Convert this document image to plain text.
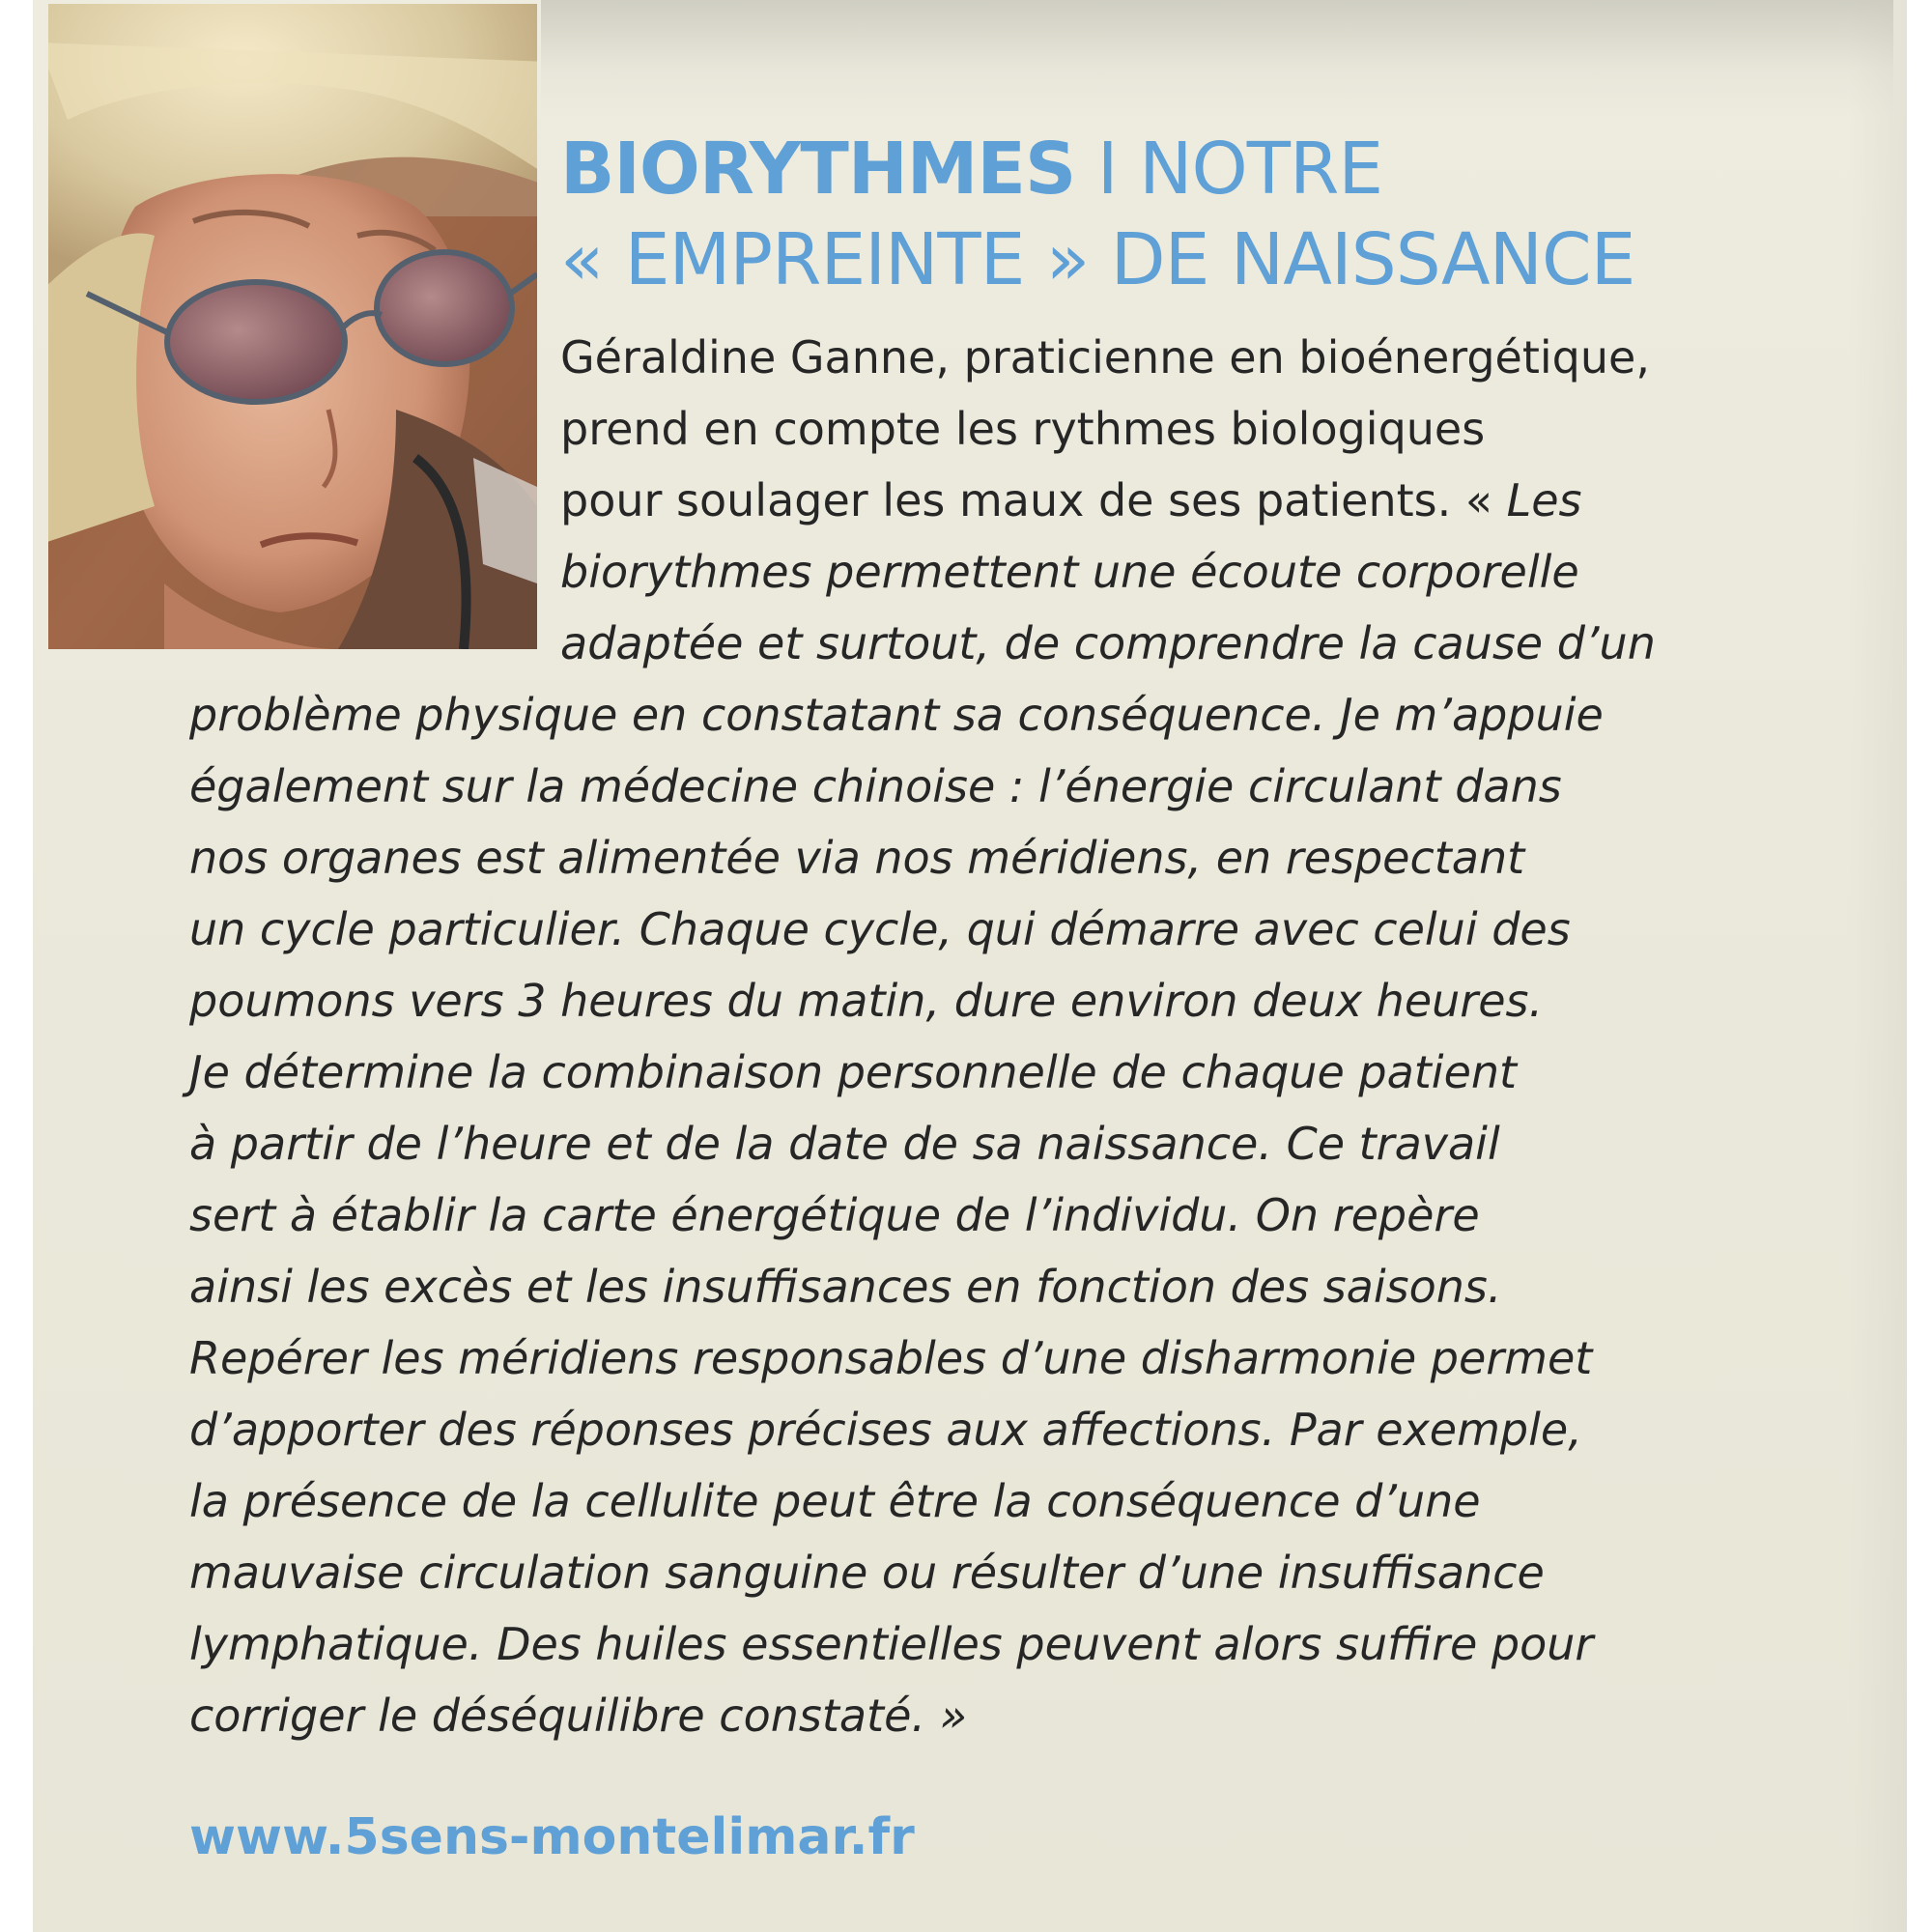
BIORYTHMES I NOTRE
« EMPREINTE » DE NAISSANCE

Géraldine Ganne, praticienne en bioénergétique,
prend en compte les rythmes biologiques
pour soulager les maux de ses patients. « Les
biorythmes permettent une écoute corporelle
adaptée et surtout, de comprendre la cause d’un

problème physique en constatant sa conséquence. Je m’appuie
également sur la médecine chinoise : l’énergie circulant dans
nos organes est alimentée via nos méridiens, en respectant
un cycle particulier. Chaque cycle, qui démarre avec celui des
poumons vers 3 heures du matin, dure environ deux heures.
Je détermine la combinaison personnelle de chaque patient
à partir de l’heure et de la date de sa naissance. Ce travail
sert à établir la carte énergétique de l’individu. On repère
ainsi les excès et les insuffisances en fonction des saisons.
Repérer les méridiens responsables d’une disharmonie permet
d’apporter des réponses précises aux affections. Par exemple,
la présence de la cellulite peut être la conséquence d’une
mauvaise circulation sanguine ou résulter d’une insuffisance
lymphatique. Des huiles essentielles peuvent alors suffire pour
corriger le déséquilibre constaté. »

www.5sens-montelimar.fr
